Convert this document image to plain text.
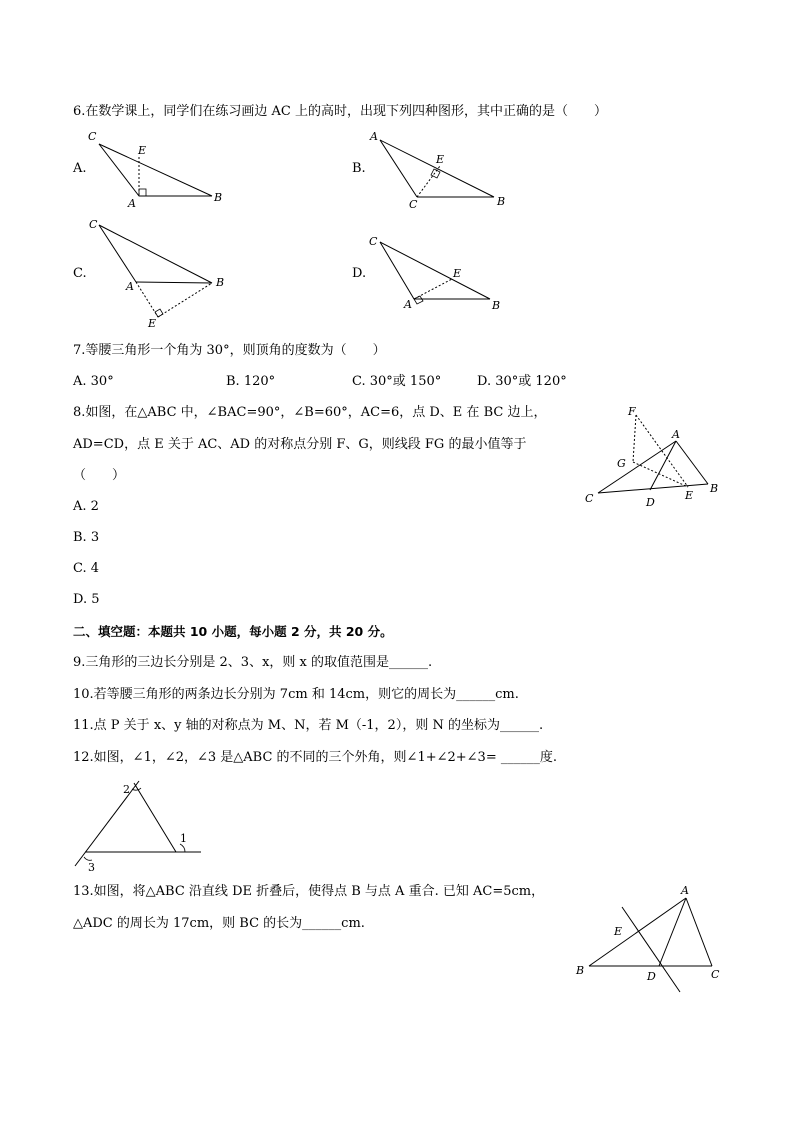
6.在数学课上，同学们在练习画边 AC 上的高时，出现下列四种图形，其中正确的是（　　）
A.
C
E
A	B
B.
A
E
C	B
C.
C
A	B
E
D.
C
E
A	B
7.等腰三角形一个角为 30°，则顶角的度数为（　　）
A. 30°	B. 120°	C. 30°或 150°	D. 30°或 120°
8.如图，在△ABC 中，∠BAC=90°，∠B=60°，AC=6，点 D、E 在 BC 边上，
AD=CD，点 E 关于 AC、AD 的对称点分别 F、G，则线段 FG 的最小值等于
（　　）
A. 2
B. 3
C. 4
D. 5
F
A
G
B
C	D
E
二、填空题：本题共 10 小题，每小题 2 分，共 20 分。
9.三角形的三边长分别是 2、3、x，则 x 的取值范围是______.
10.若等腰三角形的两条边长分别为 7cm 和 14cm，则它的周长为______cm.
11.点 P 关于 x、y 轴的对称点为 M、N，若 M（-1，2），则 N 的坐标为______.
12.如图，∠1，∠2，∠3 是△ABC 的不同的三个外角，则∠1+∠2+∠3= ______度.
2
1
3
13.如图，将△ABC 沿直线 DE 折叠后，使得点 B 与点 A 重合. 已知 AC=5cm，
△ADC 的周长为 17cm，则 BC 的长为______cm.
A
E
B	D	C
